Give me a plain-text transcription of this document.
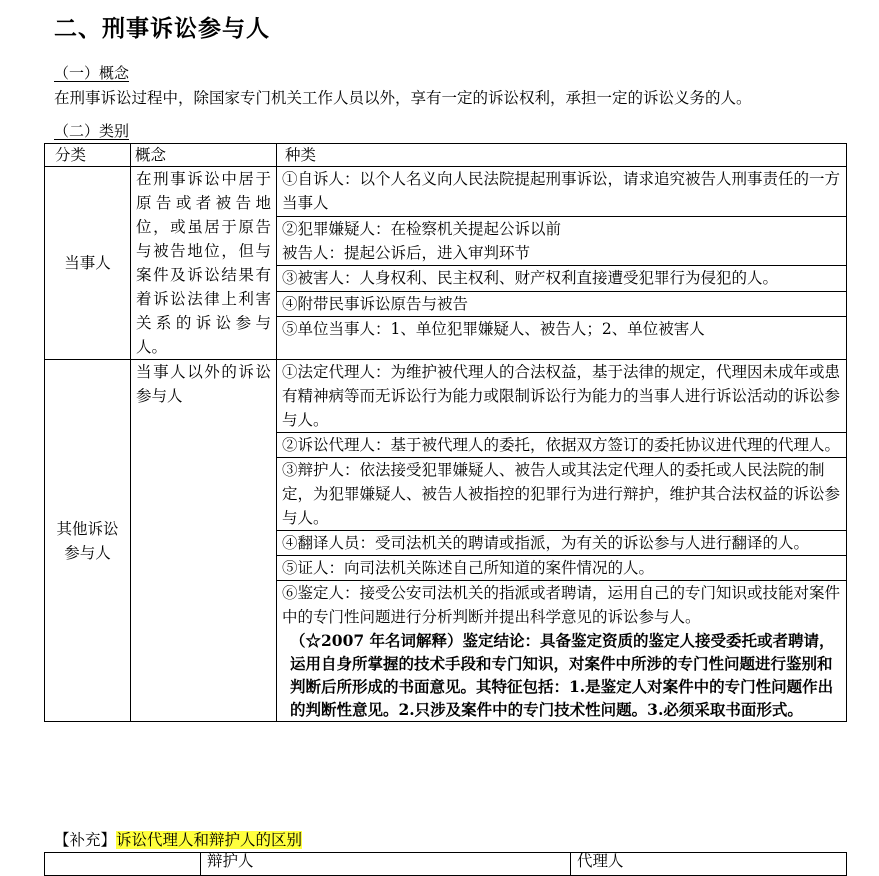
二、刑事诉讼参与人
（一）概念
在刑事诉讼过程中，除国家专门机关工作人员以外，享有一定的诉讼权利，承担一定的诉讼义务的人。
（二）类别
分类	概念	种类
当事人	在刑事诉讼中居于原告或者被告地位，或虽居于原告与被告地位，但与案件及诉讼结果有着诉讼法律上利害关系的诉讼参与人。	①自诉人：以个人名义向人民法院提起刑事诉讼，请求追究被告人刑事责任的一方当事人

		②犯罪嫌疑人：在检察机关提起公诉以前
被告人：提起公诉后，进入审判环节

		③被害人：人身权利、民主权利、财产权利直接遭受犯罪行为侵犯的人。
		④附带民事诉讼原告与被告
		⑤单位当事人：1、单位犯罪嫌疑人、被告人；2、单位被害人
其他诉讼参与人	当事人以外的诉讼参与人	①法定代理人：为维护被代理人的合法权益，基于法律的规定，代理因未成年或患有精神病等而无诉讼行为能力或限制诉讼行为能力的当事人进行诉讼活动的诉讼参与人。
		②诉讼代理人：基于被代理人的委托，依据双方签订的委托协议进代理的代理人。
		③辩护人：依法接受犯罪嫌疑人、被告人或其法定代理人的委托或人民法院的制定，为犯罪嫌疑人、被告人被指控的犯罪行为进行辩护，维护其合法权益的诉讼参与人。
		④翻译人员：受司法机关的聘请或指派，为有关的诉讼参与人进行翻译的人。
		⑤证人：向司法机关陈述自己所知道的案件情况的人。

		⑥鉴定人：接受公安司法机关的指派或者聘请，运用自己的专门知识或技能对案件中的专门性问题进行分析判断并提出科学意见的诉讼参与人。
（☆2007 年名词解释）鉴定结论：具备鉴定资质的鉴定人接受委托或者聘请，运用自身所掌握的技术手段和专门知识，对案件中所涉的专门性问题进行鉴别和判断后所形成的书面意见。其特征包括：1.是鉴定人对案件中的专门性问题作出的判断性意见。2.只涉及案件中的专门技术性问题。3.必须采取书面形式。
【补充】诉讼代理人和辩护人的区别
	辩护人	代理人
